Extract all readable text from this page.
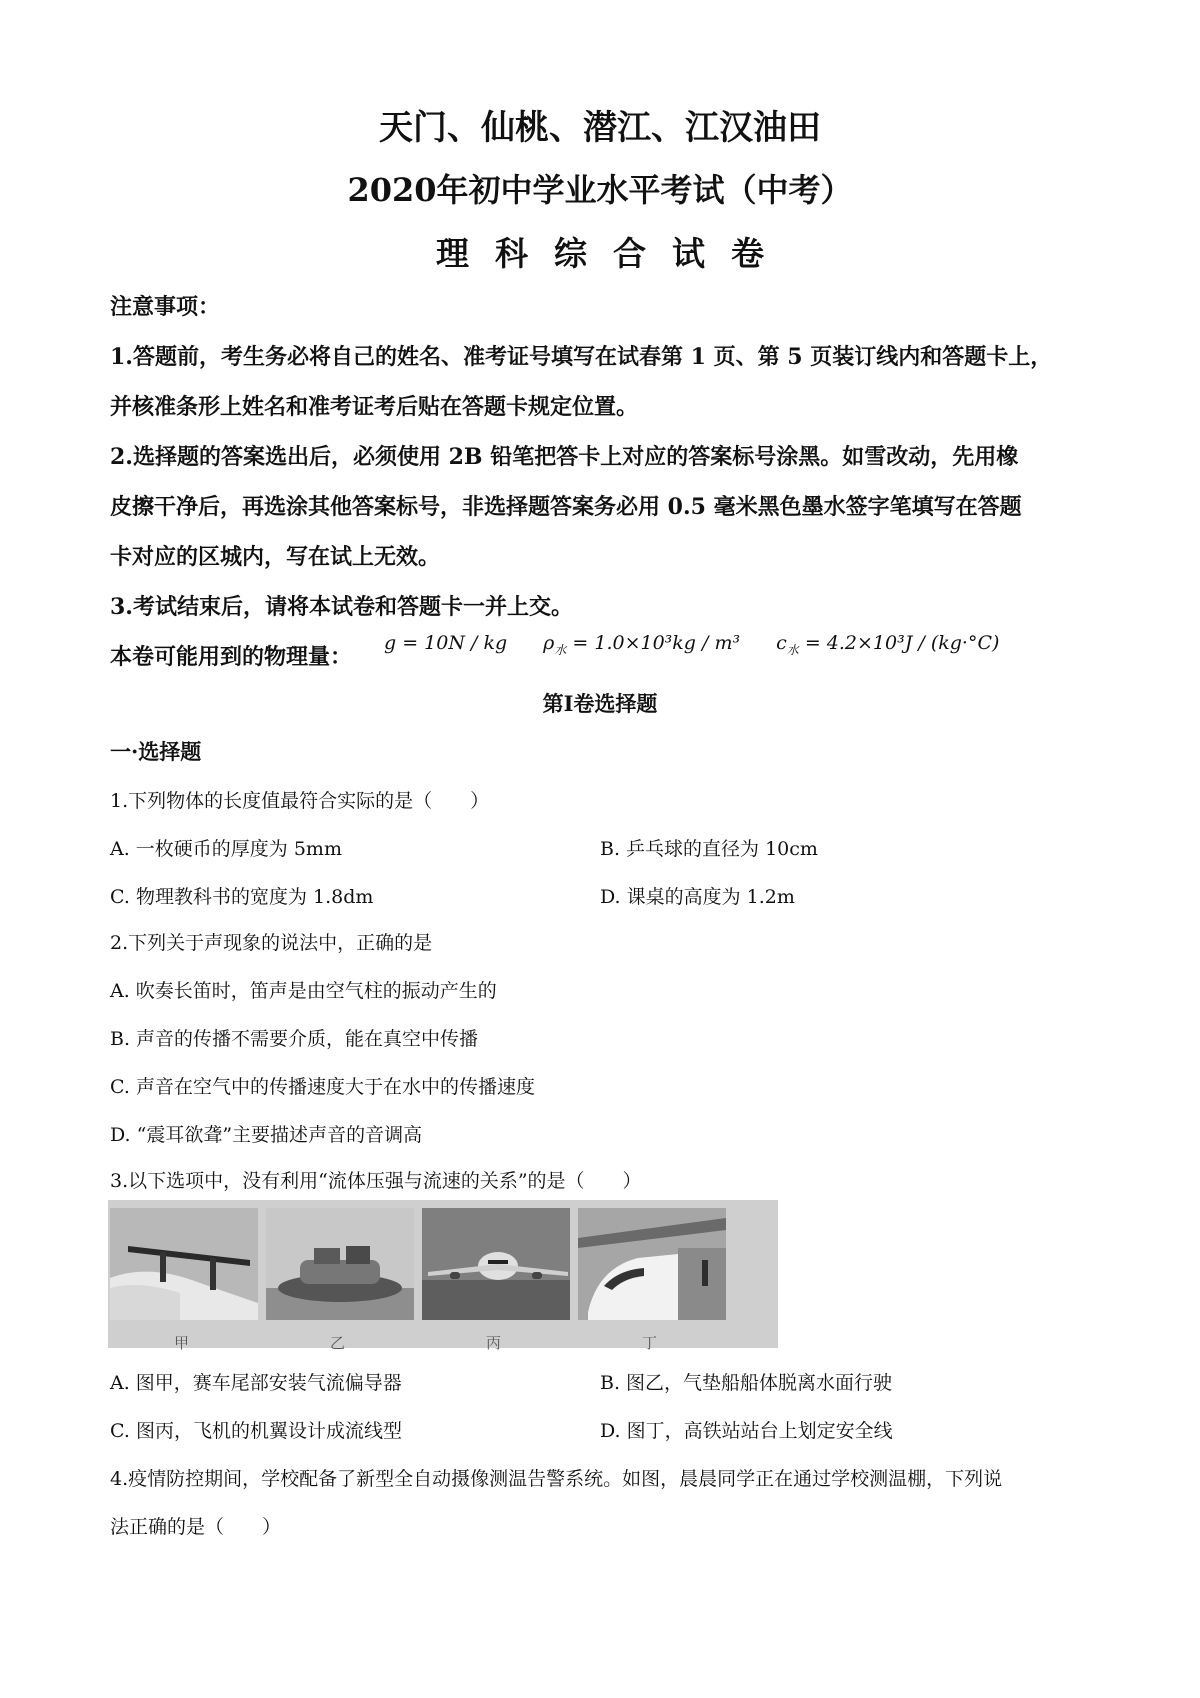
天门、仙桃、潜江、江汉油田
2020年初中学业水平考试（中考）
理科综合试卷
注意事项：
1.答题前，考生务必将自己的姓名、准考证号填写在试春第 1 页、第 5 页装订线内和答题卡上，
并核准条形上姓名和准考证考后贴在答题卡规定位置。
2.选择题的答案选出后，必须使用 2B 铅笔把答卡上对应的答案标号涂黑。如雪改动，先用橡
皮擦干净后，再选涂其他答案标号，非选择题答案务必用 0.5 毫米黑色墨水签字笔填写在答题
卡对应的区城内，写在试上无效。
3.考试结束后，请将本试卷和答题卡一并上交。
本卷可能用到的物理量：
g = 10N / kg $\rho_水 = 1.0\times 10^3kg / m^3$ $c_水 = 4.2\times 10^3J / (kg\cdot^\circ C)$
第Ⅰ卷选择题
一·选择题
1.下列物体的长度值最符合实际的是（　　）
A. 一枚硬币的厚度为 5mm	B. 乒乓球的直径为 10cm
C. 物理教科书的宽度为 1.8dm	D. 课桌的高度为 1.2m
2.下列关于声现象的说法中，正确的是
A. 吹奏长笛时，笛声是由空气柱的振动产生的
B. 声音的传播不需要介质，能在真空中传播
C. 声音在空气中的传播速度大于在水中的传播速度
D. “震耳欲聋”主要描述声音的音调高
3.以下选项中，没有利用“流体压强与流速的关系”的是（　　）
甲	乙	丙	丁
A. 图甲，赛车尾部安装气流偏导器	B. 图乙，气垫船船体脱离水面行驶
C. 图丙，飞机的机翼设计成流线型	D. 图丁，高铁站站台上划定安全线
4.疫情防控期间，学校配备了新型全自动摄像测温告警系统。如图，晨晨同学正在通过学校测温棚，下列说
法正确的是（　　）
